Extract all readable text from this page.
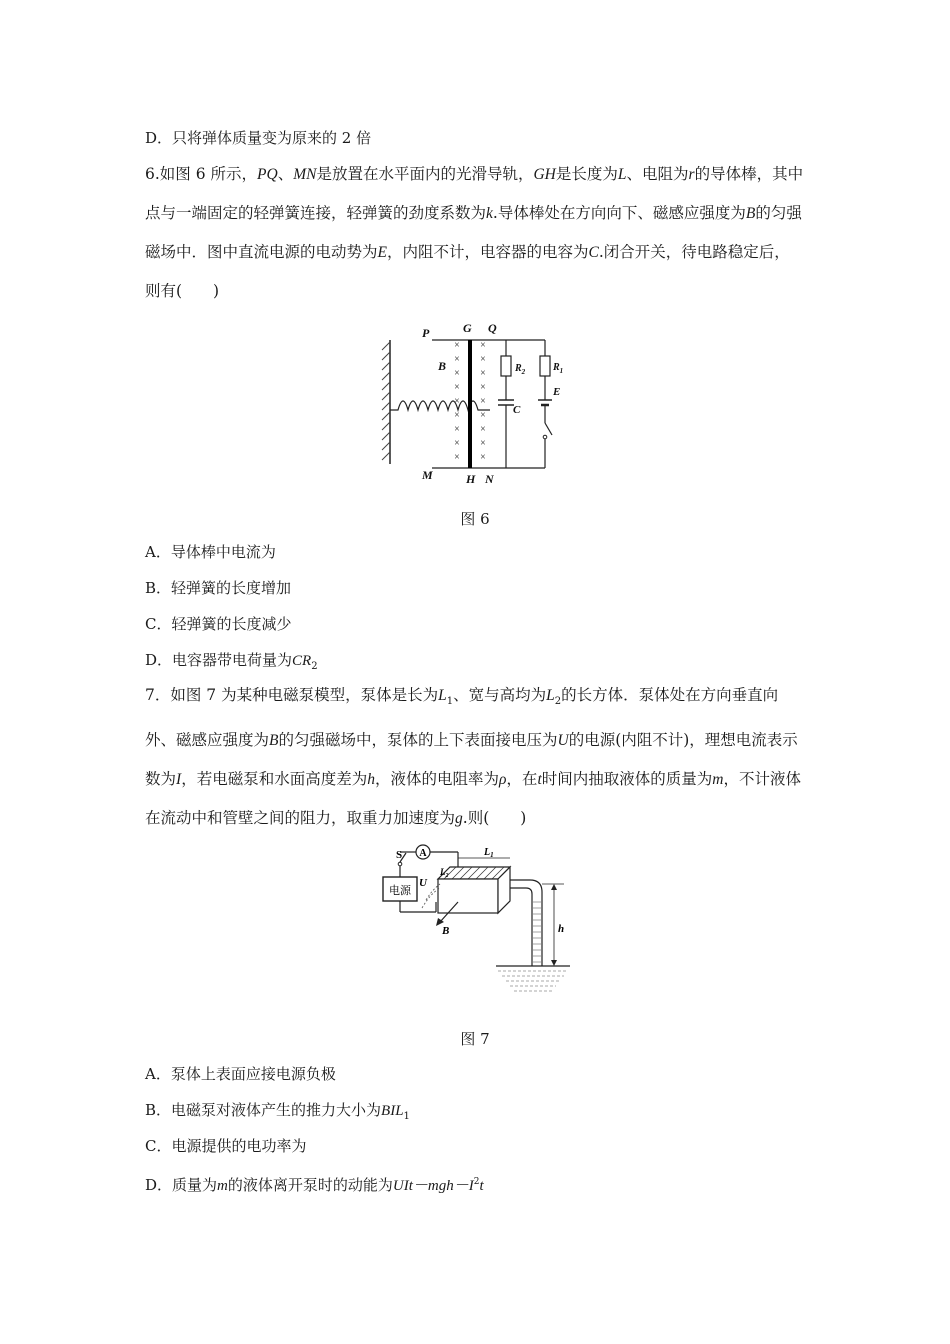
D．只将弹体质量变为原来的 2 倍
6.如图 6 所示，PQ、MN是放置在水平面内的光滑导轨，GH是长度为L、电阻为r的导体棒，其中点与一端固定的轻弹簧连接，轻弹簧的劲度系数为k.导体棒处在方向向下、磁感应强度为B的匀强磁场中．图中直流电源的电动势为E，内阻不计，电容器的电容为C.闭合开关，待电路稳定后，则有(　　)
× ×
× ×
× ×
× ×
× ×
× ×
× ×
× ×
× ×
P	G Q
B	$R_2$	$R_1$
E
C
M	H N
图 6
A．导体棒中电流为
B．轻弹簧的长度增加
C．轻弹簧的长度减少
D．电容器带电荷量为$CR_2$
7．如图 7 为某种电磁泵模型，泵体是长为$L_1$、宽与高均为$L_2$的长方体．泵体处在方向垂直向外、磁感应强度为B的匀强磁场中，泵体的上下表面接电压为U的电源(内阻不计)，理想电流表示数为I，若电磁泵和水面高度差为h，液体的电阻率为ρ，在t时间内抽取液体的质量为m，不计液体在流动中和管壁之间的阻力，取重力加速度为g.则(　　)
电源
A	$L_1$
$L_2$
U
S
B	h
图 7
A．泵体上表面应接电源负极
B．电磁泵对液体产生的推力大小为$BIL_1$
C．电源提供的电功率为
D．质量为m的液体离开泵时的动能为$UIt-mgh-I^2t$
